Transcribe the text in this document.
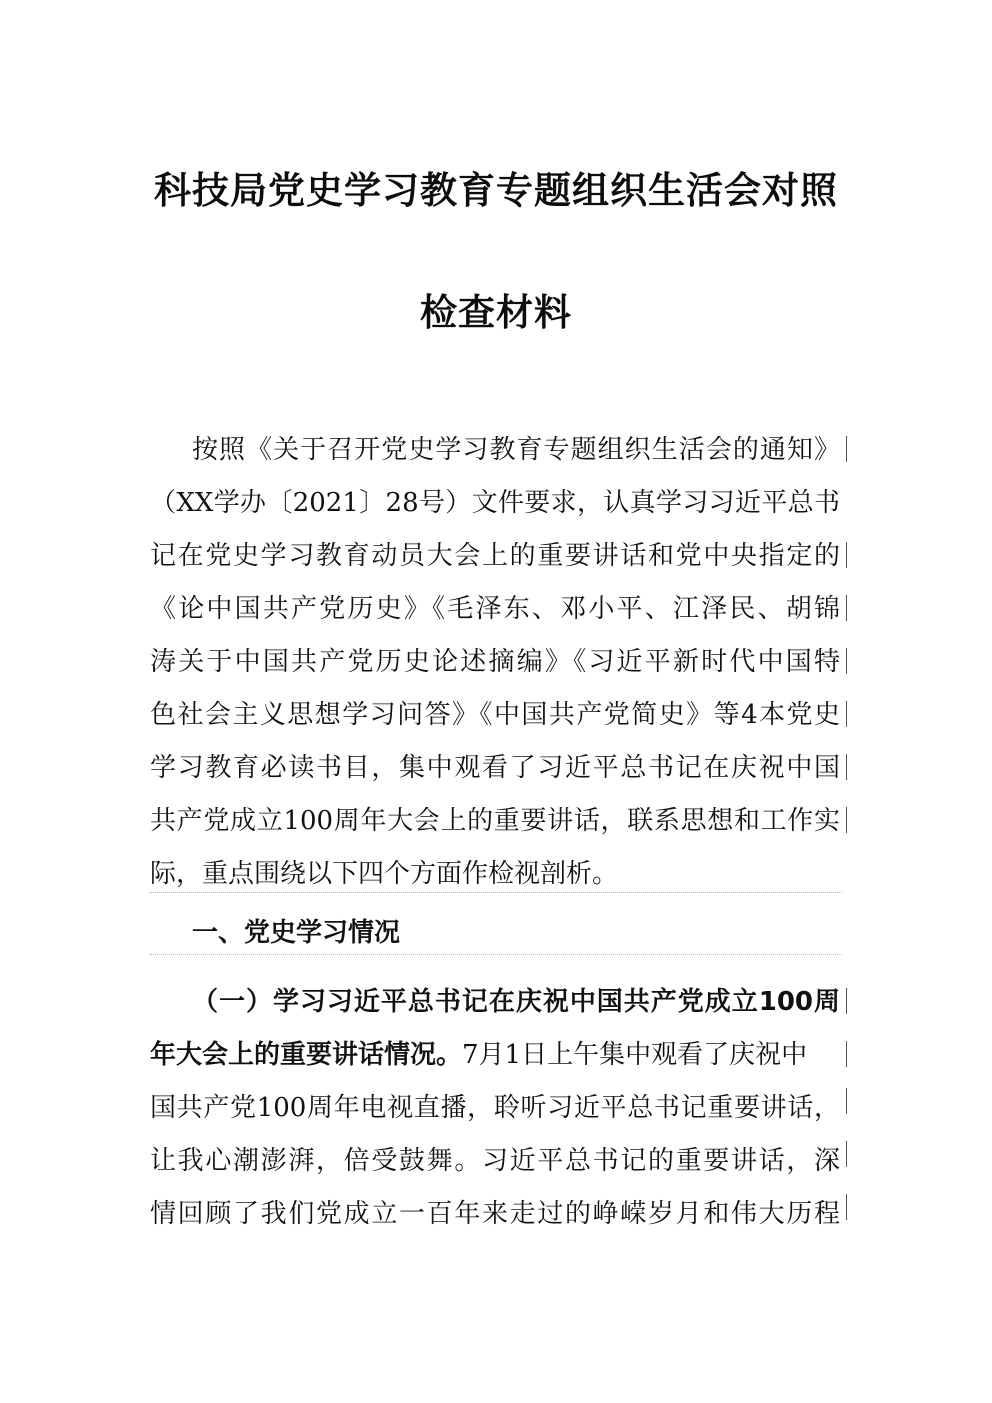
科技局党史学习教育专题组织生活会对照
检查材料
按照《关于召开党史学习教育专题组织生活会的通知》
（XX学办〔2021〕28号）文件要求，认真学习习近平总书
记在党史学习教育动员大会上的重要讲话和党中央指定的
《论中国共产党历史》《毛泽东、邓小平、江泽民、胡锦
涛关于中国共产党历史论述摘编》《习近平新时代中国特
色社会主义思想学习问答》《中国共产党简史》等4本党史
学习教育必读书目，集中观看了习近平总书记在庆祝中国
共产党成立100周年大会上的重要讲话，联系思想和工作实
际，重点围绕以下四个方面作检视剖析。
一、党史学习情况
（一）学习习近平总书记在庆祝中国共产党成立100周
年大会上的重要讲话情况。7月1日上午集中观看了庆祝中
国共产党100周年电视直播，聆听习近平总书记重要讲话，
让我心潮澎湃，倍受鼓舞。习近平总书记的重要讲话，深
情回顾了我们党成立一百年来走过的峥嵘岁月和伟大历程
